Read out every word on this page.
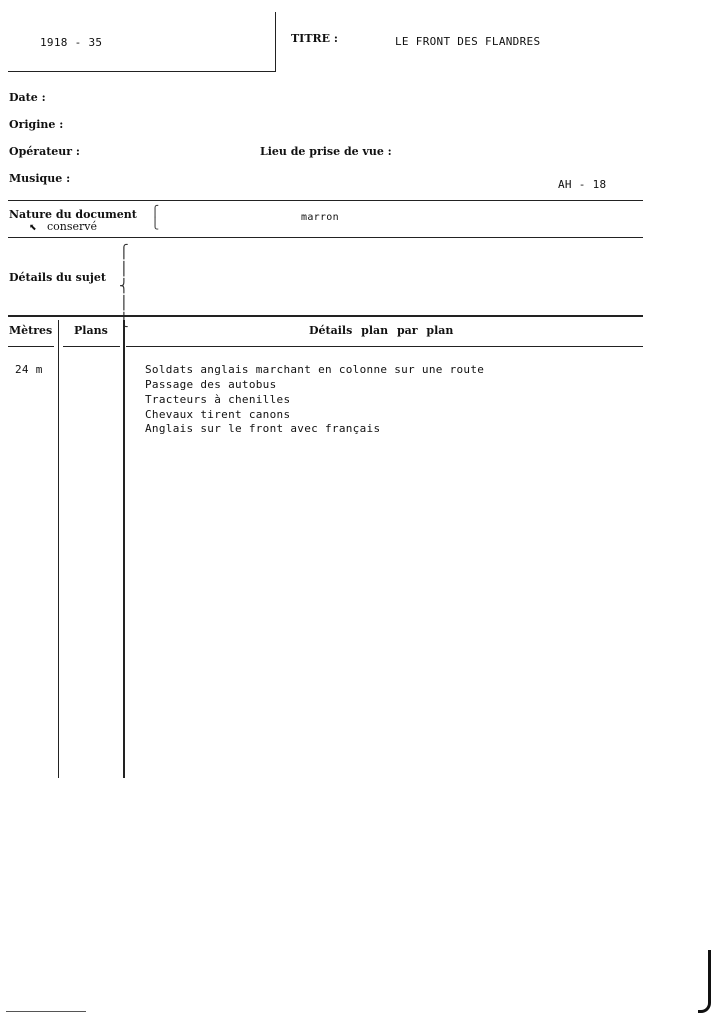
1918 - 35	TITRE :	LE FRONT DES FLANDRES
Date :
Origine :
Opérateur :	Lieu de prise de vue :
Musique :	AH - 18
Nature du document
⬉ conservé
⎧
⎩	marron
Détails du sujet
⎧
⎪
⎨
⎪
⎩
Mètres Plans	Détails plan par plan
24 m	Soldats anglais marchant en colonne sur une route
Passage des autobus
Tracteurs à chenilles
Chevaux tirent canons
Anglais sur le front avec français
